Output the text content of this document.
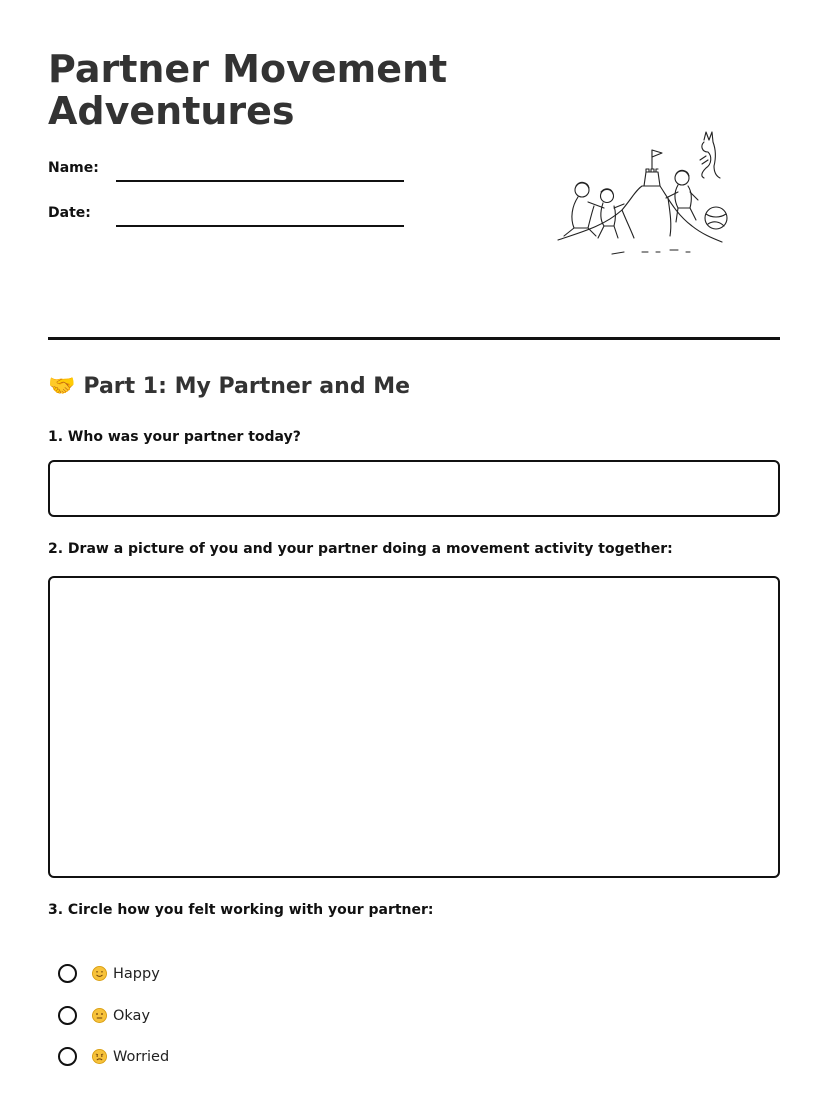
Partner Movement
Adventures
Name:
Date:
🤝 Part 1: My Partner and Me
1. Who was your partner today?
2. Draw a picture of you and your partner doing a movement activity together:
3. Circle how you felt working with your partner:
Happy
Okay
Worried
